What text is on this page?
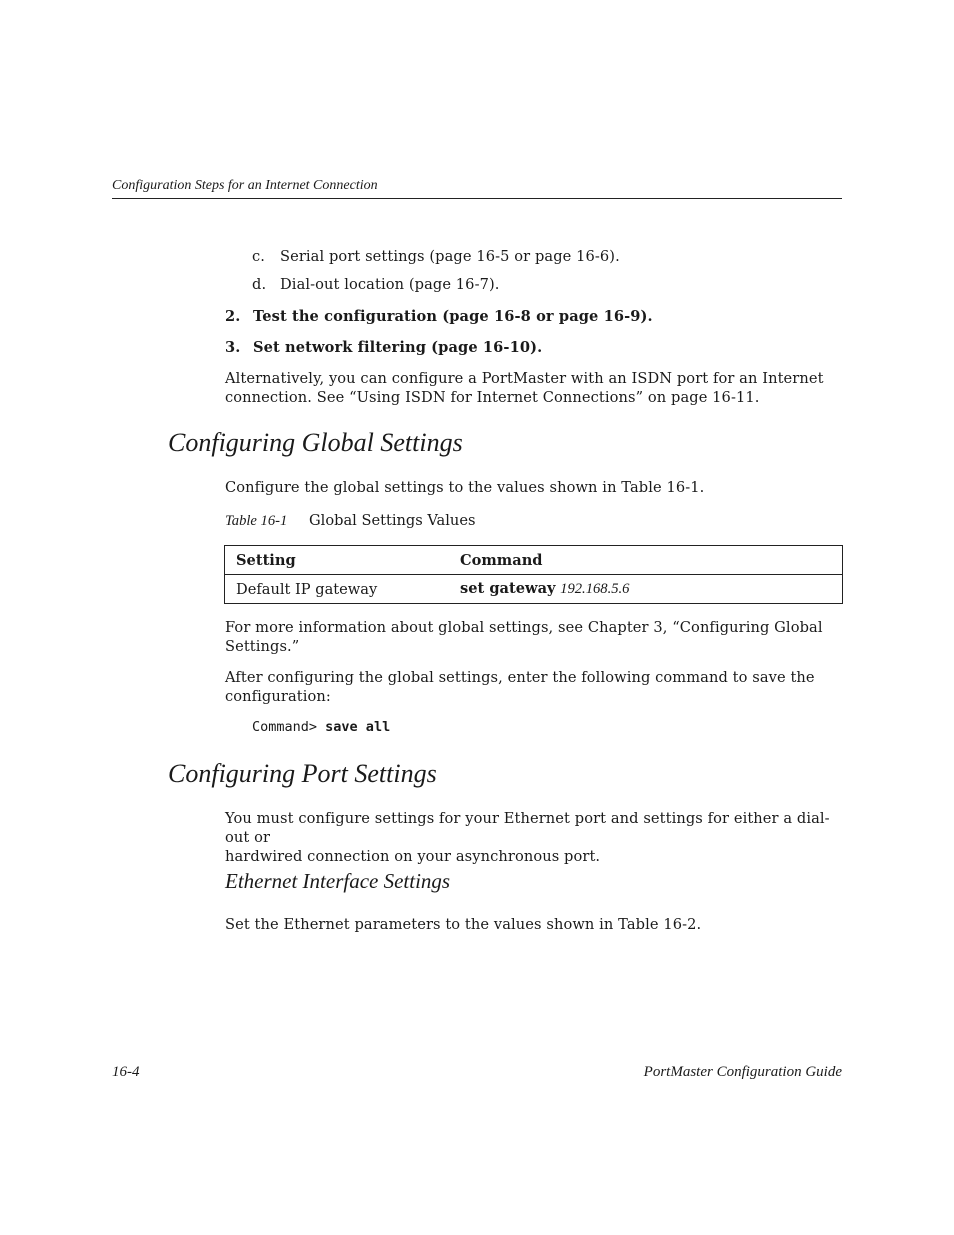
Configuration Steps for an Internet Connection
c. Serial port settings (page 16-5 or page 16-6).
d. Dial-out location (page 16-7).
2. Test the configuration (page 16-8 or page 16-9).
3. Set network filtering (page 16-10).
Alternatively, you can configure a PortMaster with an ISDN port for an Internet
connection. See “Using ISDN for Internet Connections” on page 16-11.
Configuring Global Settings
Configure the global settings to the values shown in Table 16-1.
Table 16-1 Global Settings Values
Setting	Command
Default IP gateway	set gateway 192.168.5.6
For more information about global settings, see Chapter 3, “Configuring Global
Settings.”
After configuring the global settings, enter the following command to save the
configuration:
Command> save all
Configuring Port Settings
You must configure settings for your Ethernet port and settings for either a dial-out or
hardwired connection on your asynchronous port.
Ethernet Interface Settings
Set the Ethernet parameters to the values shown in Table 16-2.
16-4	PortMaster Configuration Guide
